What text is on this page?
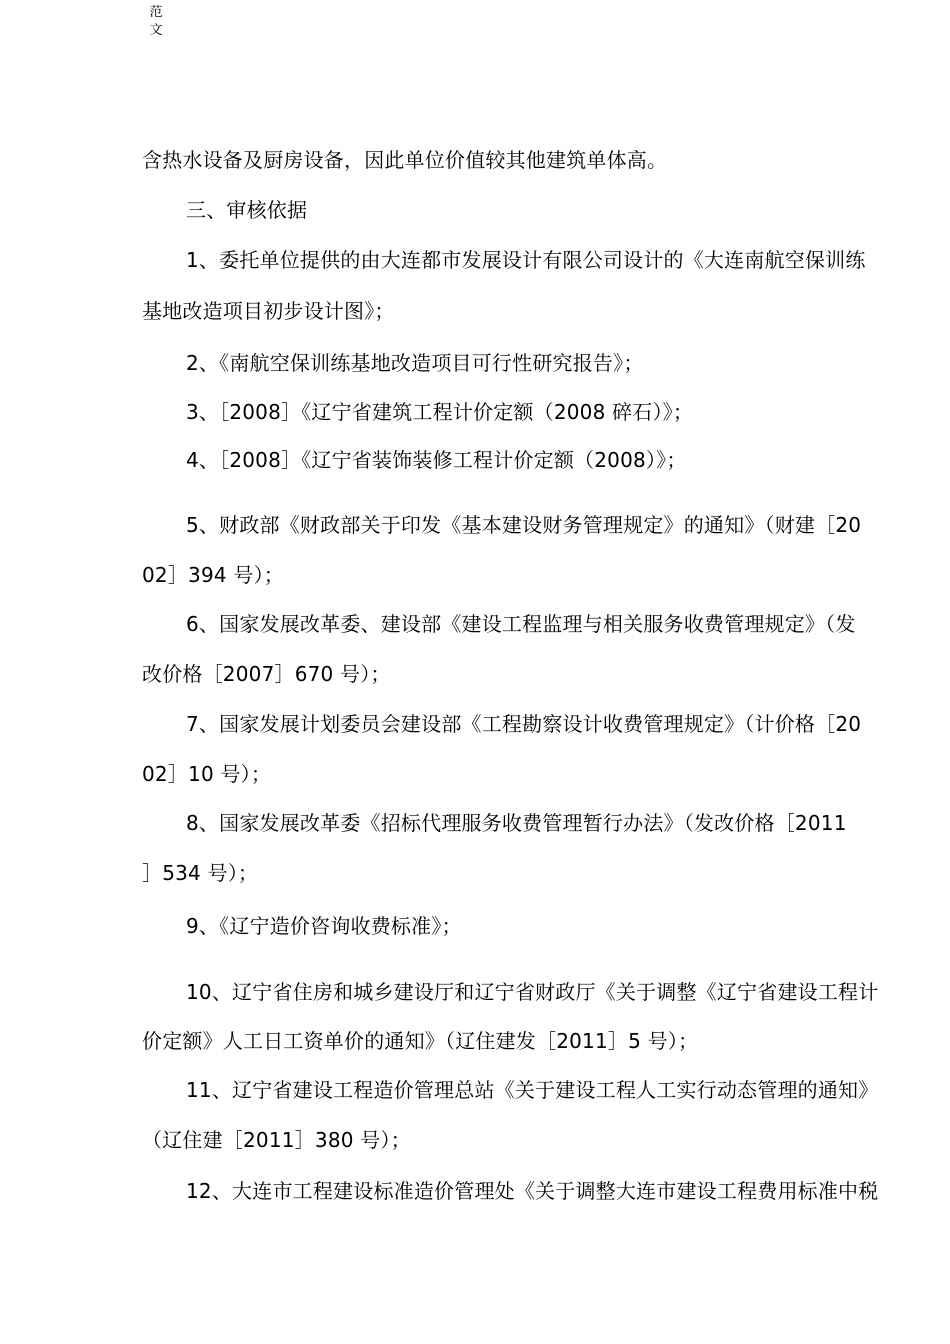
范
文
含热水设备及厨房设备，因此单位价值较其他建筑单体高。
三、审核依据
1、委托单位提供的由大连都市发展设计有限公司设计的《大连南航空保训练
基地改造项目初步设计图》；
2、《南航空保训练基地改造项目可行性研究报告》；
3、［2008］《辽宁省建筑工程计价定额（2008 碎石）》；
4、［2008］《辽宁省装饰装修工程计价定额（2008）》；
5、财政部《财政部关于印发《基本建设财务管理规定》的通知》（财建［20
02］394 号）；
6、国家发展改革委、建设部《建设工程监理与相关服务收费管理规定》（发
改价格［2007］670 号）；
7、国家发展计划委员会建设部《工程勘察设计收费管理规定》（计价格［20
02］10 号）；
8、国家发展改革委《招标代理服务收费管理暂行办法》（发改价格［2011
］534 号）；
9、《辽宁造价咨询收费标准》；
10、辽宁省住房和城乡建设厅和辽宁省财政厅《关于调整《辽宁省建设工程计
价定额》人工日工资单价的通知》（辽住建发［2011］5 号）；
11、辽宁省建设工程造价管理总站《关于建设工程人工实行动态管理的通知》
（辽住建［2011］380 号）；
12、大连市工程建设标准造价管理处《关于调整大连市建设工程费用标准中税
